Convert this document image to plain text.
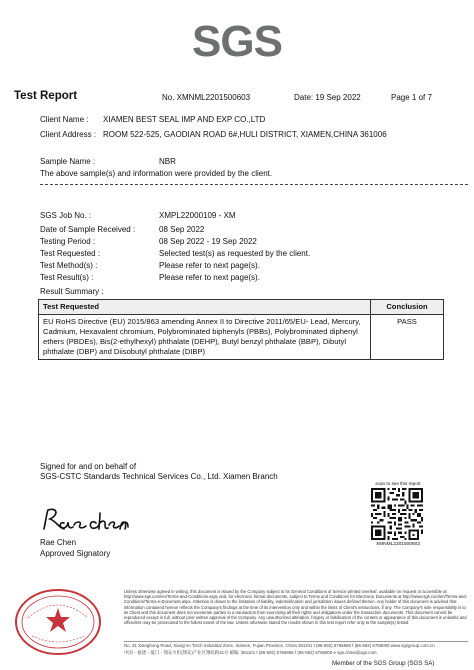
SGS
Test Report	No. XMNML2201500603	Date: 19 Sep 2022	Page 1 of 7
Client Name : XIAMEN BEST SEAL IMP AND EXP CO.,LTD
Client Address : ROOM 522-525, GAODIAN ROAD 6#,HULI DISTRICT, XIAMEN,CHINA 361006
Sample Name :	NBR
The above sample(s) and information were provided by the client.
SGS Job No. :	XMPL22000109 - XM
Date of Sample Received :	08 Sep 2022
Testing Period :	08 Sep 2022 - 19 Sep 2022
Test Requested :	Selected test(s) as requested by the client.
Test Method(s) :	Please refer to next page(s).
Test Result(s) :	Please refer to next page(s).
Result Summary :
Test Requested	Conclusion
EU RoHS Directive (EU) 2015/863 amending Annex II to Directive 2011/65/EU- Lead, Mercury, Cadmium, Hexavalent chromium, Polybrominated biphenyls (PBBs), Polybrominated diphenyl ethers (PBDEs), Bis(2-ethylhexyl) phthalate (DEHP), Butyl benzyl phthalate (BBP), Dibutyl phthalate (DBP) and Diisobutyl phthalate (DIBP)	PASS
Signed for and on behalf of
SGS-CSTC Standards Technical Services Co., Ltd. Xiamen Branch
Rae Chen
Approved Signatory
scan to see this report
XMNML2201500603
Unless otherwise agreed in writing, this document is issued by the Company subject to its General Conditions of Service printed overleaf, available on request or accessible at http://www.sgs.com/en/Terms-and-Conditions.aspx and, for electronic format documents, subject to Terms and Conditions for Electronic Documents at http://www.sgs.com/en/Terms-and-Conditions/Terms-e-Document.aspx. Attention is drawn to the limitation of liability, indemnification and jurisdiction issues defined therein. Any holder of this document is advised that information contained hereon reflects the Company's findings at the time of its intervention only and within the limits of Client's instructions, if any. The Company's sole responsibility is to its Client and this document does not exonerate parties to a transaction from exercising all their rights and obligations under the transaction documents. This document cannot be reproduced except in full, without prior written approval of the Company. Any unauthorized alteration, forgery or falsification of the content or appearance of this document is unlawful and offenders may be prosecuted to the fullest extent of the law. Unless otherwise stated the results shown in this test report refer only to the sample(s) tested.
No. 31 Xianghong Road, Xiang'An Torch Industrial Zone, Xiamen, Fujian Province, China 361101 t (86-592) 5766666 f (86-592) 5766000 www.sgsgroup.com.cn
中国・福建・厦门・翔安火炬(翔安)产业区翔虹路31号 邮编: 361101 t (86-592) 5766666 f (86-592) 5766000 e sgs.china@sgs.com
Member of the SGS Group (SGS SA)
